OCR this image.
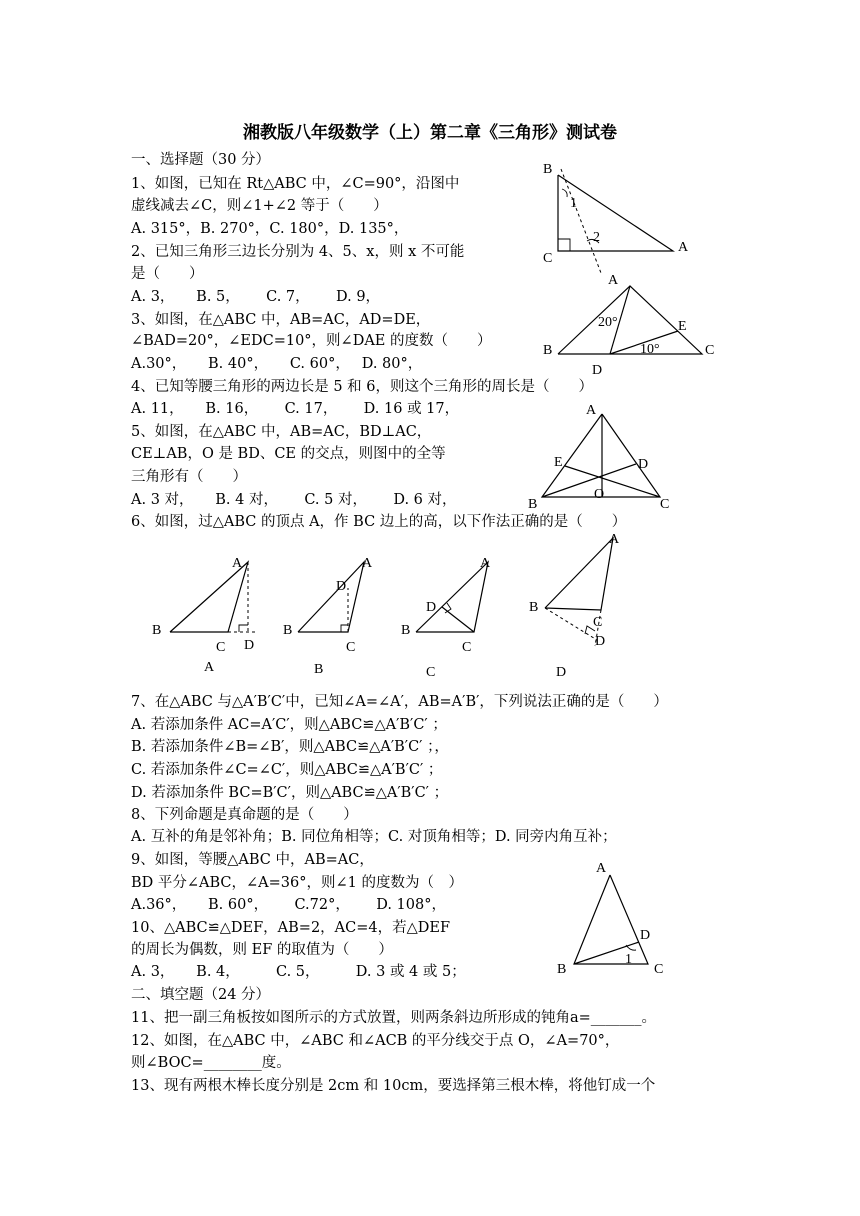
湘教版八年级数学（上）第二章《三角形》测试卷
一、选择题（30 分）
1、如图，已知在 Rt△ABC 中，∠C=90°，沿图中
虚线减去∠C，则∠1+∠2 等于（　　）
A. 315°，B. 270°，C. 180°，D. 135°，
2、已知三角形三边长分别为 4、5、x，则 x 不可能
是（　　）
A. 3，　　B. 5，　　 C. 7，　　 D. 9，
3、如图，在△ABC 中，AB=AC，AD=DE，
∠BAD=20°，∠EDC=10°，则∠DAE 的度数（　　）
A.30°，　　B. 40°，　　C. 60°，　 D. 80°，
4、已知等腰三角形的两边长是 5 和 6，则这个三角形的周长是（　　）
A. 11，　　B. 16，　　 C. 17，　　 D. 16 或 17，
5、如图，在△ABC 中，AB=AC，BD⊥AC，
CE⊥AB，O 是 BD、CE 的交点，则图中的全等
三角形有（　　）
A. 3 对，　　B. 4 对，　　 C. 5 对，　　 D. 6 对，
6、如图，过△ABC 的顶点 A，作 BC 边上的高，以下作法正确的是（　　）
7、在△ABC 与△A′B′C′中，已知∠A=∠A′，AB=A′B′，下列说法正确的是（　　）
A. 若添加条件 AC=A′C′，则△ABC≌△A′B′C′ ；
B. 若添加条件∠B=∠B′，则△ABC≌△A′B′C′ ；，
C. 若添加条件∠C=∠C′，则△ABC≌△A′B′C′ ；
D. 若添加条件 BC=B′C′，则△ABC≌△A′B′C′ ；
8、下列命题是真命题的是（　　）
A. 互补的角是邻补角；B. 同位角相等；C. 对顶角相等；D. 同旁内角互补；
9、如图，等腰△ABC 中，AB=AC，
BD 平分∠ABC，∠A=36°，则∠1 的度数为（　）
A.36°，　　B. 60°，　　 C.72°，　　 D. 108°，
10、△ABC≌△DEF，AB=2，AC=4，若△DEF
的周长为偶数，则 EF 的取值为（　　）
A. 3，　　B. 4，　　　C. 5，　　　D. 3 或 4 或 5；
二、填空题（24 分）
11、把一副三角板按如图所示的方式放置，则两条斜边所形成的钝角a=_______。
12、如图，在△ABC 中，∠ABC 和∠ACB 的平分线交于点 O，∠A=70°，
则∠BOC=________度。
13、现有两根木棒长度分别是 2cm 和 10cm，要选择第三根木棒，将他钉成一个
B
C
A
1
2
A
B	C
E
D
20°
10°
A
E	D
O
B	C
A
B
C D
A
A
D
B
C
B
A
D
B
C
C
A
B
C
D
D
A
D
1
B	C
